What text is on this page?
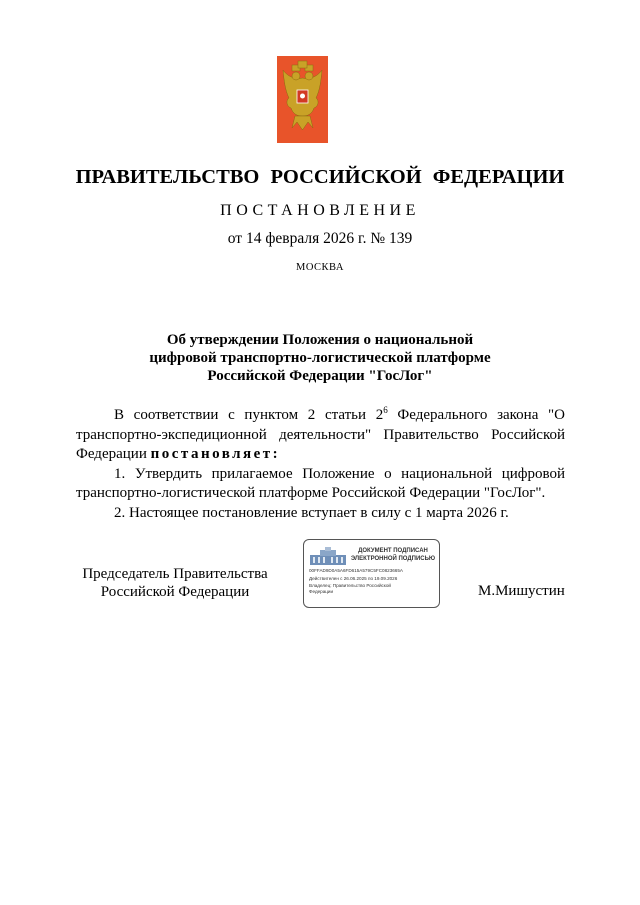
ПРАВИТЕЛЬСТВО РОССИЙСКОЙ ФЕДЕРАЦИИ
ПОСТАНОВЛЕНИЕ
от 14 февраля 2026 г. № 139
МОСКВА
Об утверждении Положения о национальной
цифровой транспортно-логистической платформе
Российской Федерации "ГосЛог"

В соответствии с пунктом 2 статьи $2^6$ Федерального закона "О транспортно-экспедиционной деятельности" Правительство Российской Федерации постановляет:

1. Утвердить прилагаемое Положение о национальной цифровой транспортно-логистической платформе Российской Федерации "ГосЛог".

2. Настоящее постановление вступает в силу с 1 марта 2026 г.

Председатель Правительства
Российской Федерации
ДОКУМЕНТ ПОДПИСАН
ЭЛЕКТРОННОЙ ПОДПИСЬЮ
00FFAD9D0A5A6FD615A579C5FC0823665A
Действителен с 26.06.2025 по 19.09.2026
Владелец: Правительство Российской
Федерации	М.Мишустин
